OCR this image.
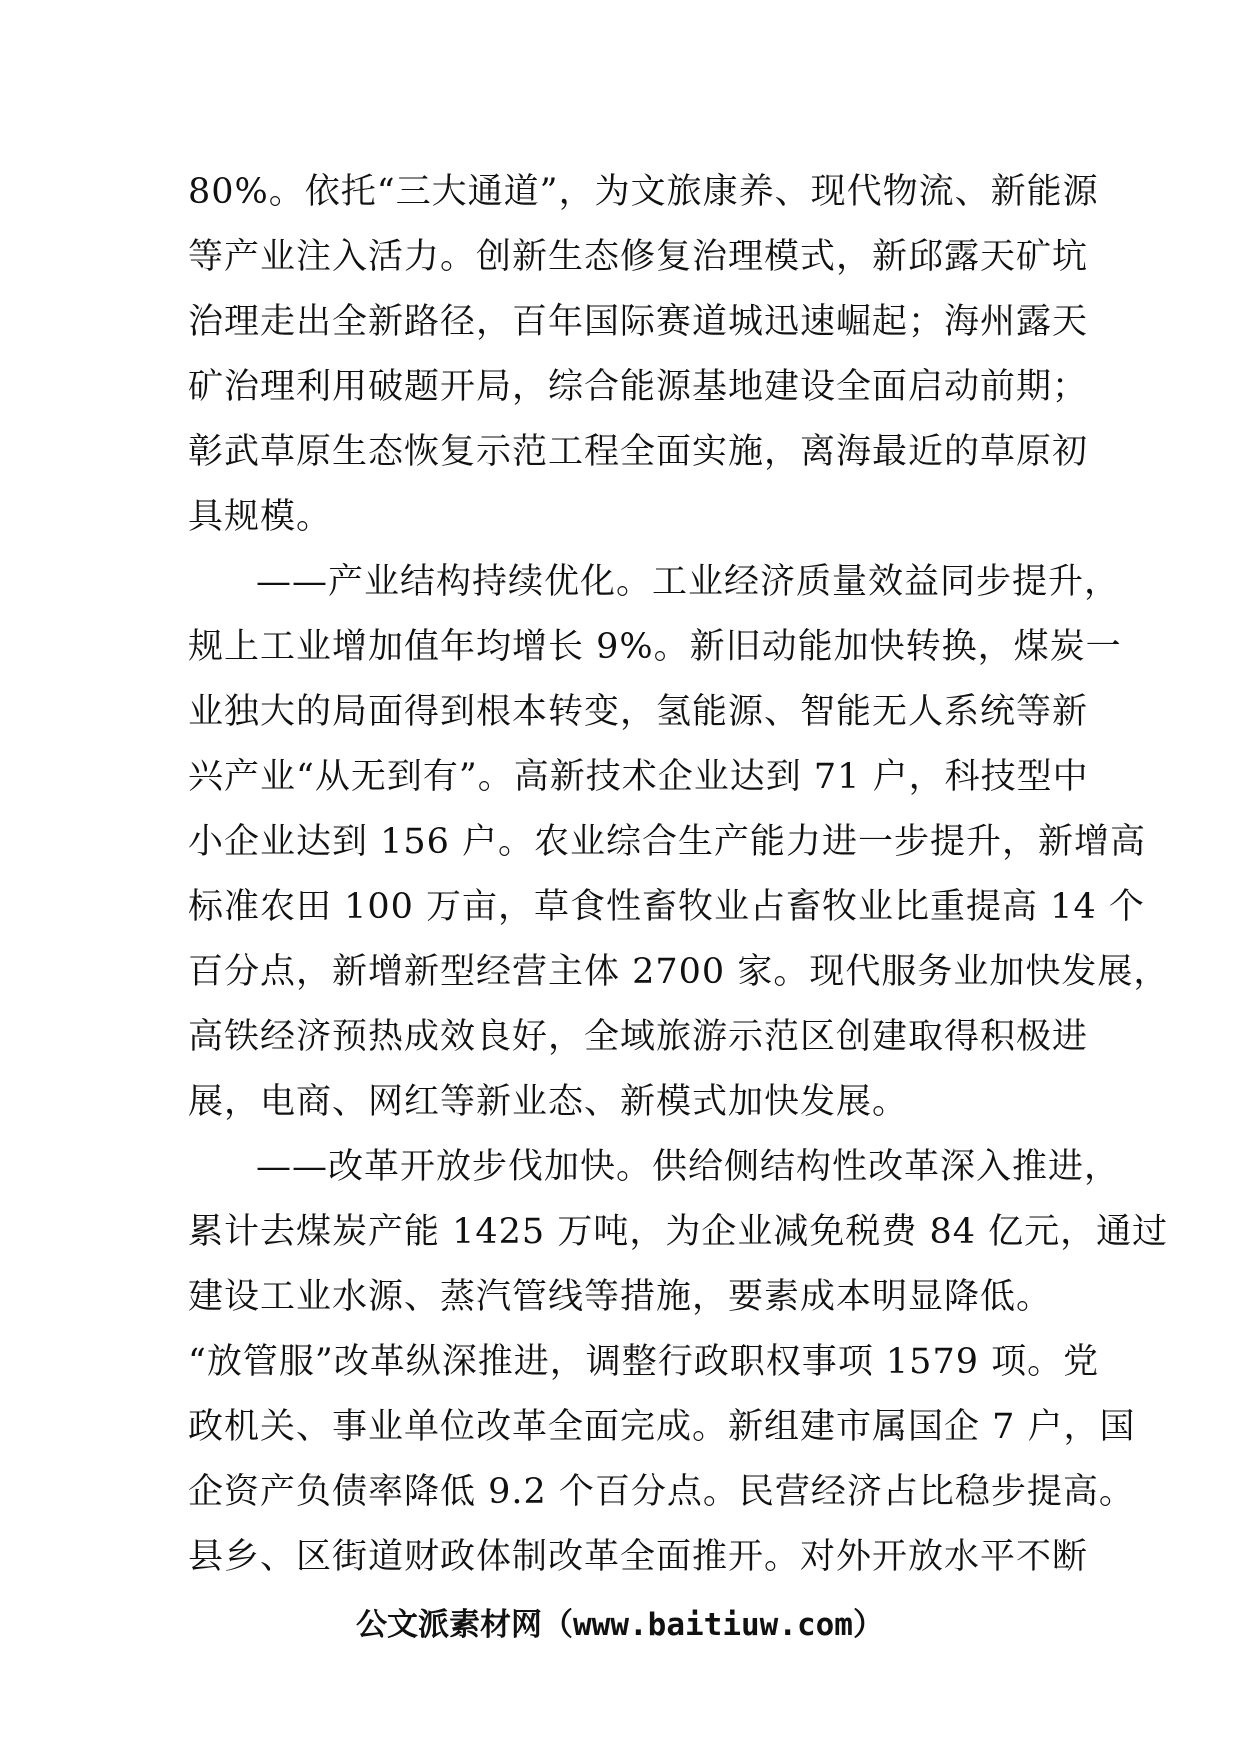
80%。依托“三大通道”，为文旅康养、现代物流、新能源
等产业注入活力。创新生态修复治理模式，新邱露天矿坑
治理走出全新路径，百年国际赛道城迅速崛起；海州露天
矿治理利用破题开局，综合能源基地建设全面启动前期；
彰武草原生态恢复示范工程全面实施，离海最近的草原初
具规模。
——产业结构持续优化。工业经济质量效益同步提升，
规上工业增加值年均增长 9%。新旧动能加快转换，煤炭一
业独大的局面得到根本转变，氢能源、智能无人系统等新
兴产业“从无到有”。高新技术企业达到 71 户，科技型中
小企业达到 156 户。农业综合生产能力进一步提升，新增高
标准农田 100 万亩，草食性畜牧业占畜牧业比重提高 14 个
百分点，新增新型经营主体 2700 家。现代服务业加快发展，
高铁经济预热成效良好，全域旅游示范区创建取得积极进
展，电商、网红等新业态、新模式加快发展。
——改革开放步伐加快。供给侧结构性改革深入推进，
累计去煤炭产能 1425 万吨，为企业减免税费 84 亿元，通过
建设工业水源、蒸汽管线等措施，要素成本明显降低。
“放管服”改革纵深推进，调整行政职权事项 1579 项。党
政机关、事业单位改革全面完成。新组建市属国企 7 户，国
企资产负债率降低 9.2 个百分点。民营经济占比稳步提高。
县乡、区街道财政体制改革全面推开。对外开放水平不断
公文派素材网（www.baitiuw.com）
